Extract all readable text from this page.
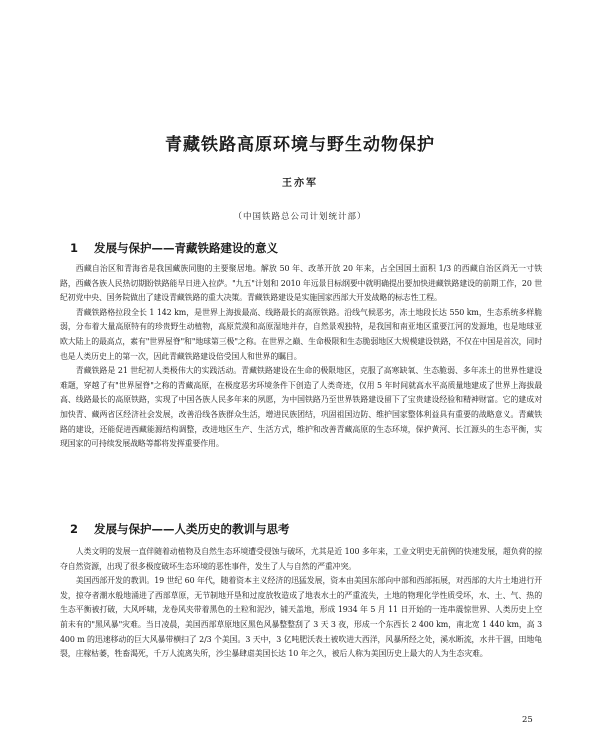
青藏铁路高原环境与野生动物保护
王亦军
（中国铁路总公司计划统计部）
1 发展与保护——青藏铁路建设的意义

西藏自治区和青海省是我国藏族同胞的主要聚居地。解放 50 年、改革开放 20 年来，占全国国土面积 1/3 的西藏自治区尚无一寸铁路，西藏各族人民热切期盼铁路能早日进入拉萨。"九五"计划和 2010 年远景目标纲要中就明确提出要加快进藏铁路建设的前期工作，20 世纪初党中央、国务院做出了建设青藏铁路的重大决策。青藏铁路建设是实施国家西部大开发战略的标志性工程。

青藏铁路格拉段全长 1 142 km，是世界上海拔最高、线路最长的高原铁路。沿线气候恶劣，冻土地段长达 550 km，生态系统多样脆弱，分布着大量高原特有的珍贵野生动植物，高原荒漠和高原湿地并存，自然景观独特，是我国和南亚地区重要江河的发源地，也是地球亚欧大陆上的最高点，素有"世界屋脊"和"地球第三极"之称。在世界之巅、生命极限和生态脆弱地区大规模建设铁路，不仅在中国是首次，同时也是人类历史上的第一次，因此青藏铁路建设倍受国人和世界的瞩目。

青藏铁路是 21 世纪初人类极伟大的实践活动。青藏铁路建设在生命的极限地区，克服了高寒缺氧、生态脆弱、多年冻土的世界性建设难题，穿越了有"世界屋脊"之称的青藏高原，在极度恶劣环境条件下创造了人类奇迹，仅用 5 年时间就高水平高质量地建成了世界上海拔最高、线路最长的高原铁路，实现了中国各族人民多年来的夙愿，为中国铁路乃至世界铁路建设留下了宝贵建设经验和精神财富。它的建成对加快青、藏两省区经济社会发展，改善沿线各族群众生活，增进民族团结，巩固祖国边防、维护国家整体利益具有重要的战略意义。青藏铁路的建设，还能促进西藏能源结构调整，改进地区生产、生活方式，维护和改善青藏高原的生态环境，保护黄河、长江源头的生态平衡，实现国家的可持续发展战略等都将发挥重要作用。

2 发展与保护——人类历史的教训与思考

人类文明的发展一直伴随着动植物及自然生态环境遭受侵蚀与破坏，尤其是近 100 多年来，工业文明史无前例的快速发展，超负荷的掠夺自然资源，出现了很多极度破坏生态环境的恶性事件，发生了人与自然的严重冲突。

美国西部开发的教训。19 世纪 60 年代，随着资本主义经济的迅猛发展，资本由美国东部向中部和西部拓展，对西部的大片土地进行开发，掠夺者潮水般地涌进了西部草原，无节制地开垦和过度放牧造成了地表水土的严重流失，土地的物理化学性质受坏，水、土、气、热的生态平衡被打破，大风呼啸，龙卷风夹带着黑色的土粒和泥沙，铺天盖地，形成 1934 年 5 月 11 日开始的一连串震惊世界、人类历史上空前未有的"黑风暴"灾难。当日凌晨，美国西部草原地区黑色风暴整整刮了 3 天 3 夜，形成一个东西长 2 400 km，南北宽 1 440 km，高 3 400 m 的迅速移动的巨大风暴带横扫了 2/3 个美国。3 天中，3 亿吨肥沃表土被吹进大西洋，风暴所经之处，溪水断流，水井干涸，田地龟裂，庄稼枯萎，牲畜渴死，千万人流离失所，沙尘暴肆虐美国长达 10 年之久，被后人称为美国历史上最大的人为生态灾难。

25
